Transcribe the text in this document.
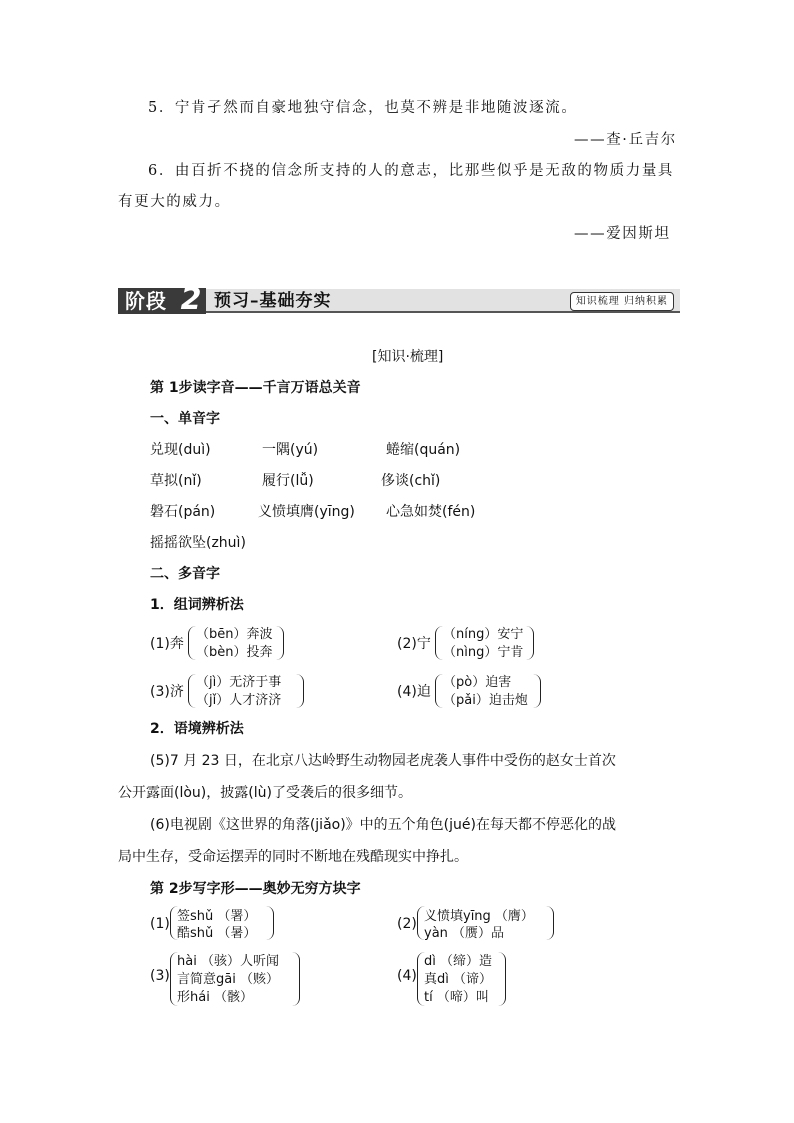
5．宁肯孑然而自豪地独守信念，也莫不辨是非地随波逐流。
——查·丘吉尔
6．由百折不挠的信念所支持的人的意志，比那些似乎是无敌的物质力量具
有更大的威力。
——爱因斯坦
阶段 2 预习–基础夯实	知识梳理 归纳积累
[知识·梳理]
第 1步读字音——千言万语总关音
一、单音字
兑现(duì)	一隅(yú)	蜷缩(quán)
草拟(nǐ)	履行(lǚ)	侈谈(chǐ)
磐石(pán)	义愤填膺(yīng) 心急如焚(fén)
摇摇欲坠(zhuì)
二、多音字
1．组词辨析法
(1)奔
（bēn）奔波
（bèn）投奔
(2)宁
（níng）安宁
（nìng）宁肯
(3)济
（jì）无济于事
（jǐ）人才济济
(4)迫
（pò）迫害
（pǎi）迫击炮
2．语境辨析法
(5)7 月 23 日，在北京八达岭野生动物园老虎袭人事件中受伤的赵女士首次
公开露面(lòu)，披露(lù)了受袭后的很多细节。
(6)电视剧《这世界的角落(jiǎo)》中的五个角色(jué)在每天都不停恶化的战
局中生存，受命运摆弄的同时不断地在残酷现实中挣扎。
第 2步写字形——奥妙无穷方块字
(1) 签shǔ （署）
酷shǔ （暑）
(2) 义愤填yīng （膺）
yàn （赝）品
(3)
hài （骇）人听闻
言简意gāi （赅）
形hái （骸）
(4)
dì （缔）造
真dì （谛）
tí （啼）叫
